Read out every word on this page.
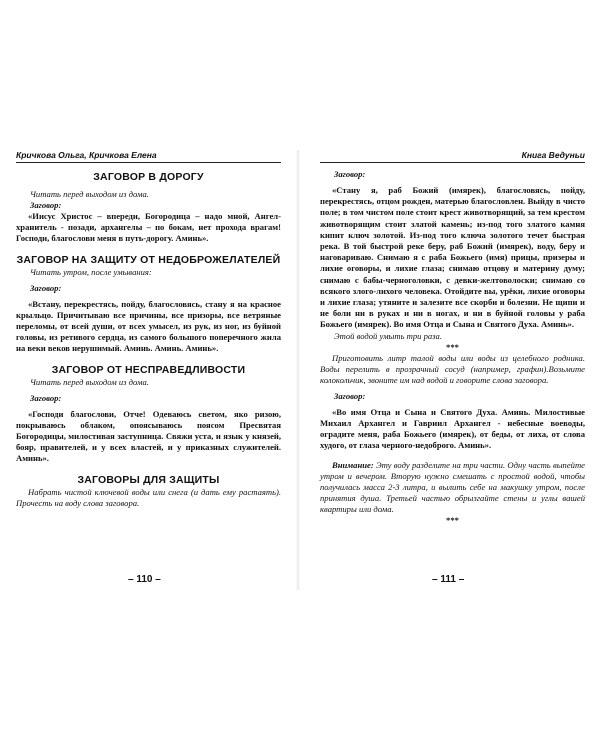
Кричкова Ольга, Кричкова Елена

ЗАГОВОР В ДОРОГУ

Читать перед выходом из дома.

Заговор:

«Иисус Христос – впереди, Богородица – надо мной, Ангел-хранитель - позади, архангелы – по бокам, нет прохода врагам! Господи, благослови меня в путь-дорогу. Аминь».

ЗАГОВОР НА ЗАЩИТУ ОТ НЕДОБРОЖЕЛАТЕЛЕЙ

Читать утром, после умывания:

Заговор:

«Встану, перекрестясь, пойду, благословясь, стану я на красное крыльцо. Причитываю все причины, все призоры, все ветряные переломы, от всей души, от всех умысел, из рук, из ног, из буйной головы, из ретивого сердца, из самого большого поперечного жила на веки веков нерушимый. Аминь. Аминь. Аминь».

ЗАГОВОР ОТ НЕСПРАВЕДЛИВОСТИ

Читать перед выходом из дома.

Заговор:

«Господи благослови, Отче! Одеваюсь светом, яко ризою, покрываюсь облаком, опоясываюсь поясом Пресвятая Богородицы, милостивая заступница. Свяжи уста, и язык у князей, бояр, правителей, и у всех властей, и у приказных служителей. Аминь».

ЗАГОВОРЫ ДЛЯ ЗАЩИТЫ

Набрать чистой ключевой воды или снега (и дать ему растаять). Прочесть на воду слова заговора.

– 110 –
Книга Ведуньи

Заговор:

«Стану я, раб Божий (имярек), благословясь, пойду, перекрестясь, отцом рожден, матерью благословлен. Выйду в чисто поле; в том чистом поле стоит крест животворящий, за тем крестом животворящим стоит златой камень; из-под того златого камня кипит ключ золотой. Из-под того ключа золотого течет быстрая река. В той быстрой реке беру, раб Божий (имярек), воду, беру и наговариваю. Снимаю я с раба Божьего (имя) прицы, призеры и лихие оговоры, и лихие глаза; снимаю отцову и материну думу; снимаю с бабы-черноголовки, с девки-желтоволоски; снимаю со всякого злого-лихого человека. Отойдите вы, урёки, лихие оговоры и лихие глаза; утяните и залезите все скорби и болезни. Не щипи и не боли ни в руках и ни в ногах, и ни в буйной головы у раба Божьего (имярек). Во имя Отца и Сына и Святого Духа. Аминь».

Этой водой умыть три раза.

***

Приготовить литр талой воды или воды из целебного родника. Воды перелить в прозрачный сосуд (например, графин).Возьмите колокольчик, звоните им над водой и говорите слова заговора.

Заговор:

«Во имя Отца и Сына и Святого Духа. Аминь. Милостивые Михаил Архангел и Гавриил Архангел - небесные воеводы, оградите меня, раба Божьего (имярек), от беды, от лиха, от слова худого, от глаза черного-недоброго. Аминь».

Внимание: Эту воду разделите на три части. Одну часть выпейте утром и вечером. Вторую нужно смешать с простой водой, чтобы получилась масса 2-3 литра, и вылить себе на макушку утром, после принятия душа. Третьей частью обрызгайте стены и углы вашей квартиры или дома.

***

– 111 –
